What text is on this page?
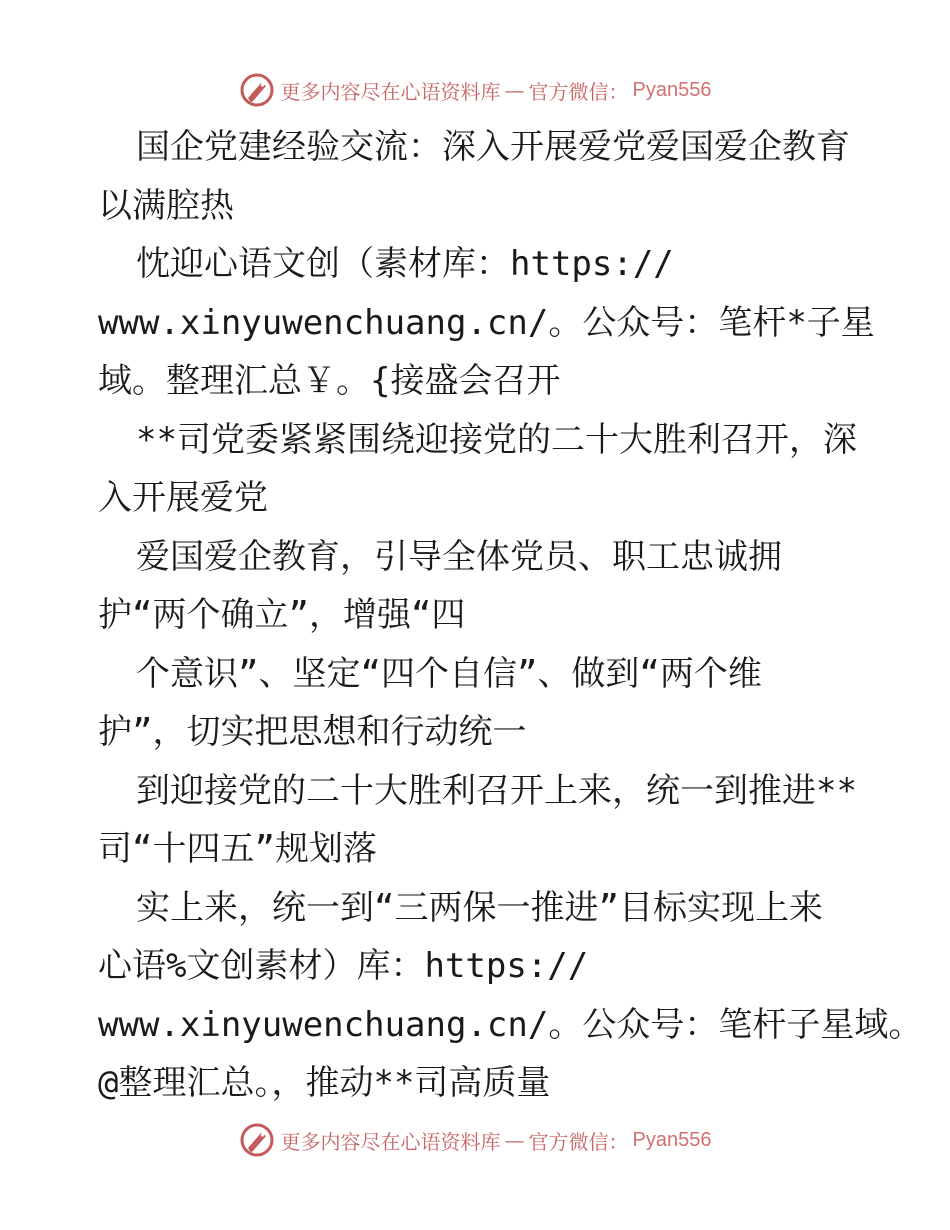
更多内容尽在心语资料库 — 官方微信： Pyan556
国企党建经验交流：深入开展爱党爱国爱企教育
以满腔热
忱迎心语文创（素材库：https://
www.xinyuwenchuang.cn/。公众号：笔杆*子星
域。整理汇总￥。{接盛会召开
**司党委紧紧围绕迎接党的二十大胜利召开，深
入开展爱党
爱国爱企教育，引导全体党员、职工忠诚拥
护“两个确立”，增强“四
个意识”、坚定“四个自信”、做到“两个维
护”，切实把思想和行动统一
到迎接党的二十大胜利召开上来，统一到推进**
司“十四五”规划落
实上来，统一到“三两保一推进”目标实现上来
心语%文创素材）库：https://
www.xinyuwenchuang.cn/。公众号：笔杆子星域。
@整理汇总。，推动**司高质量
更多内容尽在心语资料库 — 官方微信： Pyan556
